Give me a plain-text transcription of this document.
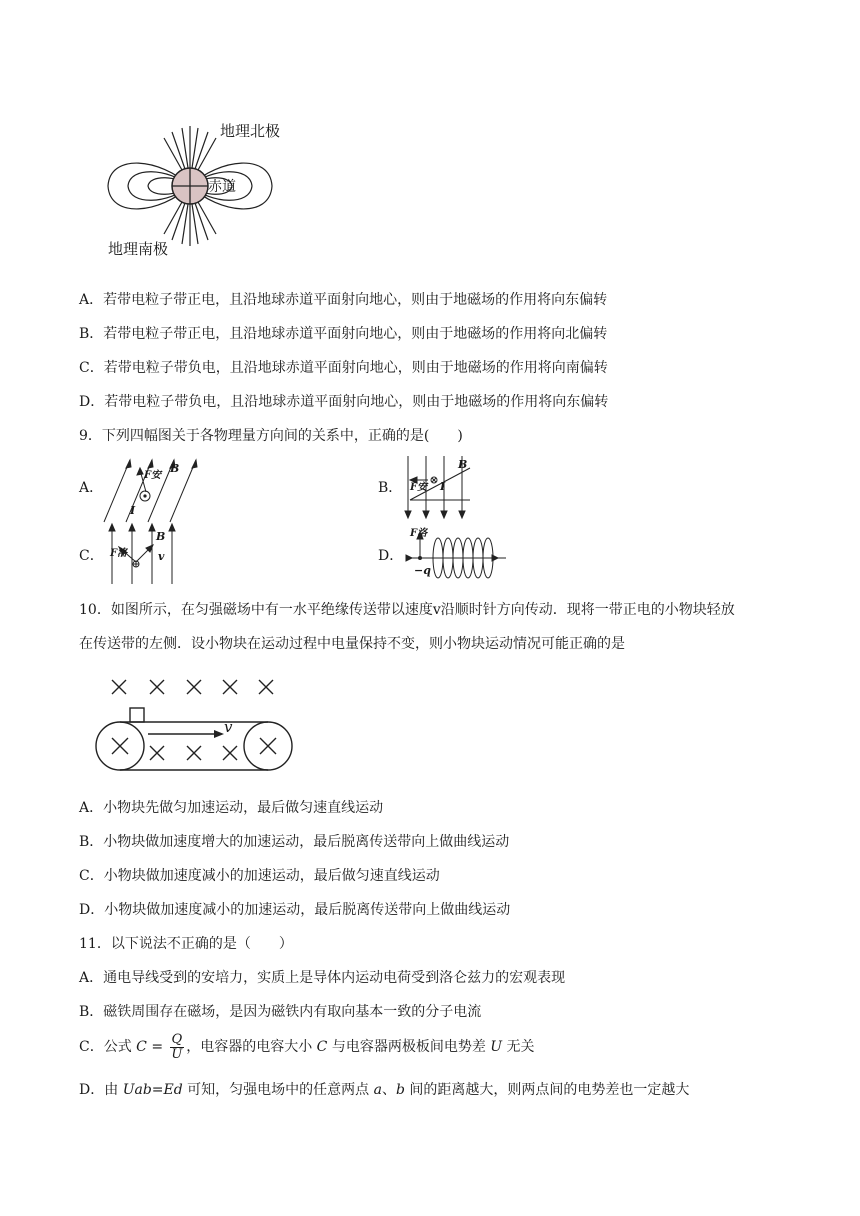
地理北极
地理南极
赤道
A．若带电粒子带正电，且沿地球赤道平面射向地心，则由于地磁场的作用将向东偏转
B．若带电粒子带正电，且沿地球赤道平面射向地心，则由于地磁场的作用将向北偏转
C．若带电粒子带负电，且沿地球赤道平面射向地心，则由于地磁场的作用将向南偏转
D．若带电粒子带负电，且沿地球赤道平面射向地心，则由于地磁场的作用将向东偏转
9．下列四幅图关于各物理量方向间的关系中，正确的是(　　)
A．
F安
I
B
B． F安 I
B
C． F洛	v
B
D．
F洛
−q
10．如图所示，在匀强磁场中有一水平绝缘传送带以速度v沿顺时针方向传动．现将一带正电的小物块轻放
在传送带的左侧．设小物块在运动过程中电量保持不变，则小物块运动情况可能正确的是
v
A．小物块先做匀加速运动，最后做匀速直线运动
B．小物块做加速度增大的加速运动，最后脱离传送带向上做曲线运动
C．小物块做加速度减小的加速运动，最后做匀速直线运动
D．小物块做加速度减小的加速运动，最后脱离传送带向上做曲线运动
11．以下说法不正确的是（　　）
A．通电导线受到的安培力，实质上是导体内运动电荷受到洛仑兹力的宏观表现
B．磁铁周围存在磁场，是因为磁铁内有取向基本一致的分子电流
C．公式 $C = \frac{Q}{U}$ ，电容器的电容大小 C 与电容器两极板间电势差 U 无关
D．由 Uab=Ed 可知，匀强电场中的任意两点 a、b 间的距离越大，则两点间的电势差也一定越大
